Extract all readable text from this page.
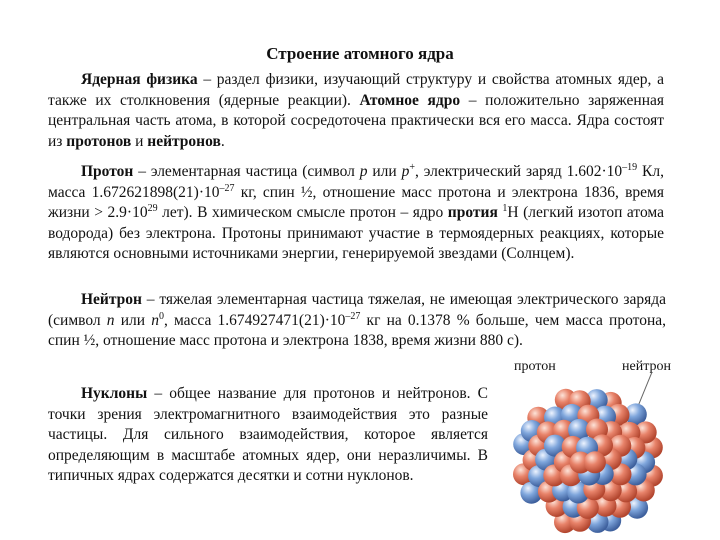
Строение атомного ядра
Ядерная физика – раздел физики, изучающий структуру и свойства атомных ядер, а также их столкновения (ядерные реакции). Атомное ядро – положительно заряженная центральная часть атома, в которой сосредоточена практически вся его масса. Ядра состоят из протонов и нейтронов.
Протон – элементарная частица (символ p или p+, электрический заряд $1.602\cdot 10^{-19}$ Кл, масса $1.672621898(21)\cdot 10^{-27}$ кг, спин ½, отношение масс протона и электрона 1836, время жизни > $2.9\cdot 10^{29}$ лет). В химическом смысле протон – ядро протия $^1$H (легкий изотоп атома водорода) без электрона. Протоны принимают участие в термоядерных реакциях, которые являются основными источниками энергии, генерируемой звездами (Солнцем).
Нейтрон – тяжелая элементарная частица тяжелая, не имеющая электрического заряда (символ n или $n^0$, масса $1.674927471(21)\cdot 10^{-27}$ кг на 0.1378 % больше, чем масса протона, спин ½, отношение масс протона и электрона 1838, время жизни 880 с).
Нуклоны – общее название для протонов и нейтронов. С точки зрения электромагнитного взаимодействия это разные частицы. Для сильного взаимодействия, которое является определяющим в масштабе атомных ядер, они неразличимы. В типичных ядрах содержатся десятки и сотни нуклонов.
протон	нейтрон
